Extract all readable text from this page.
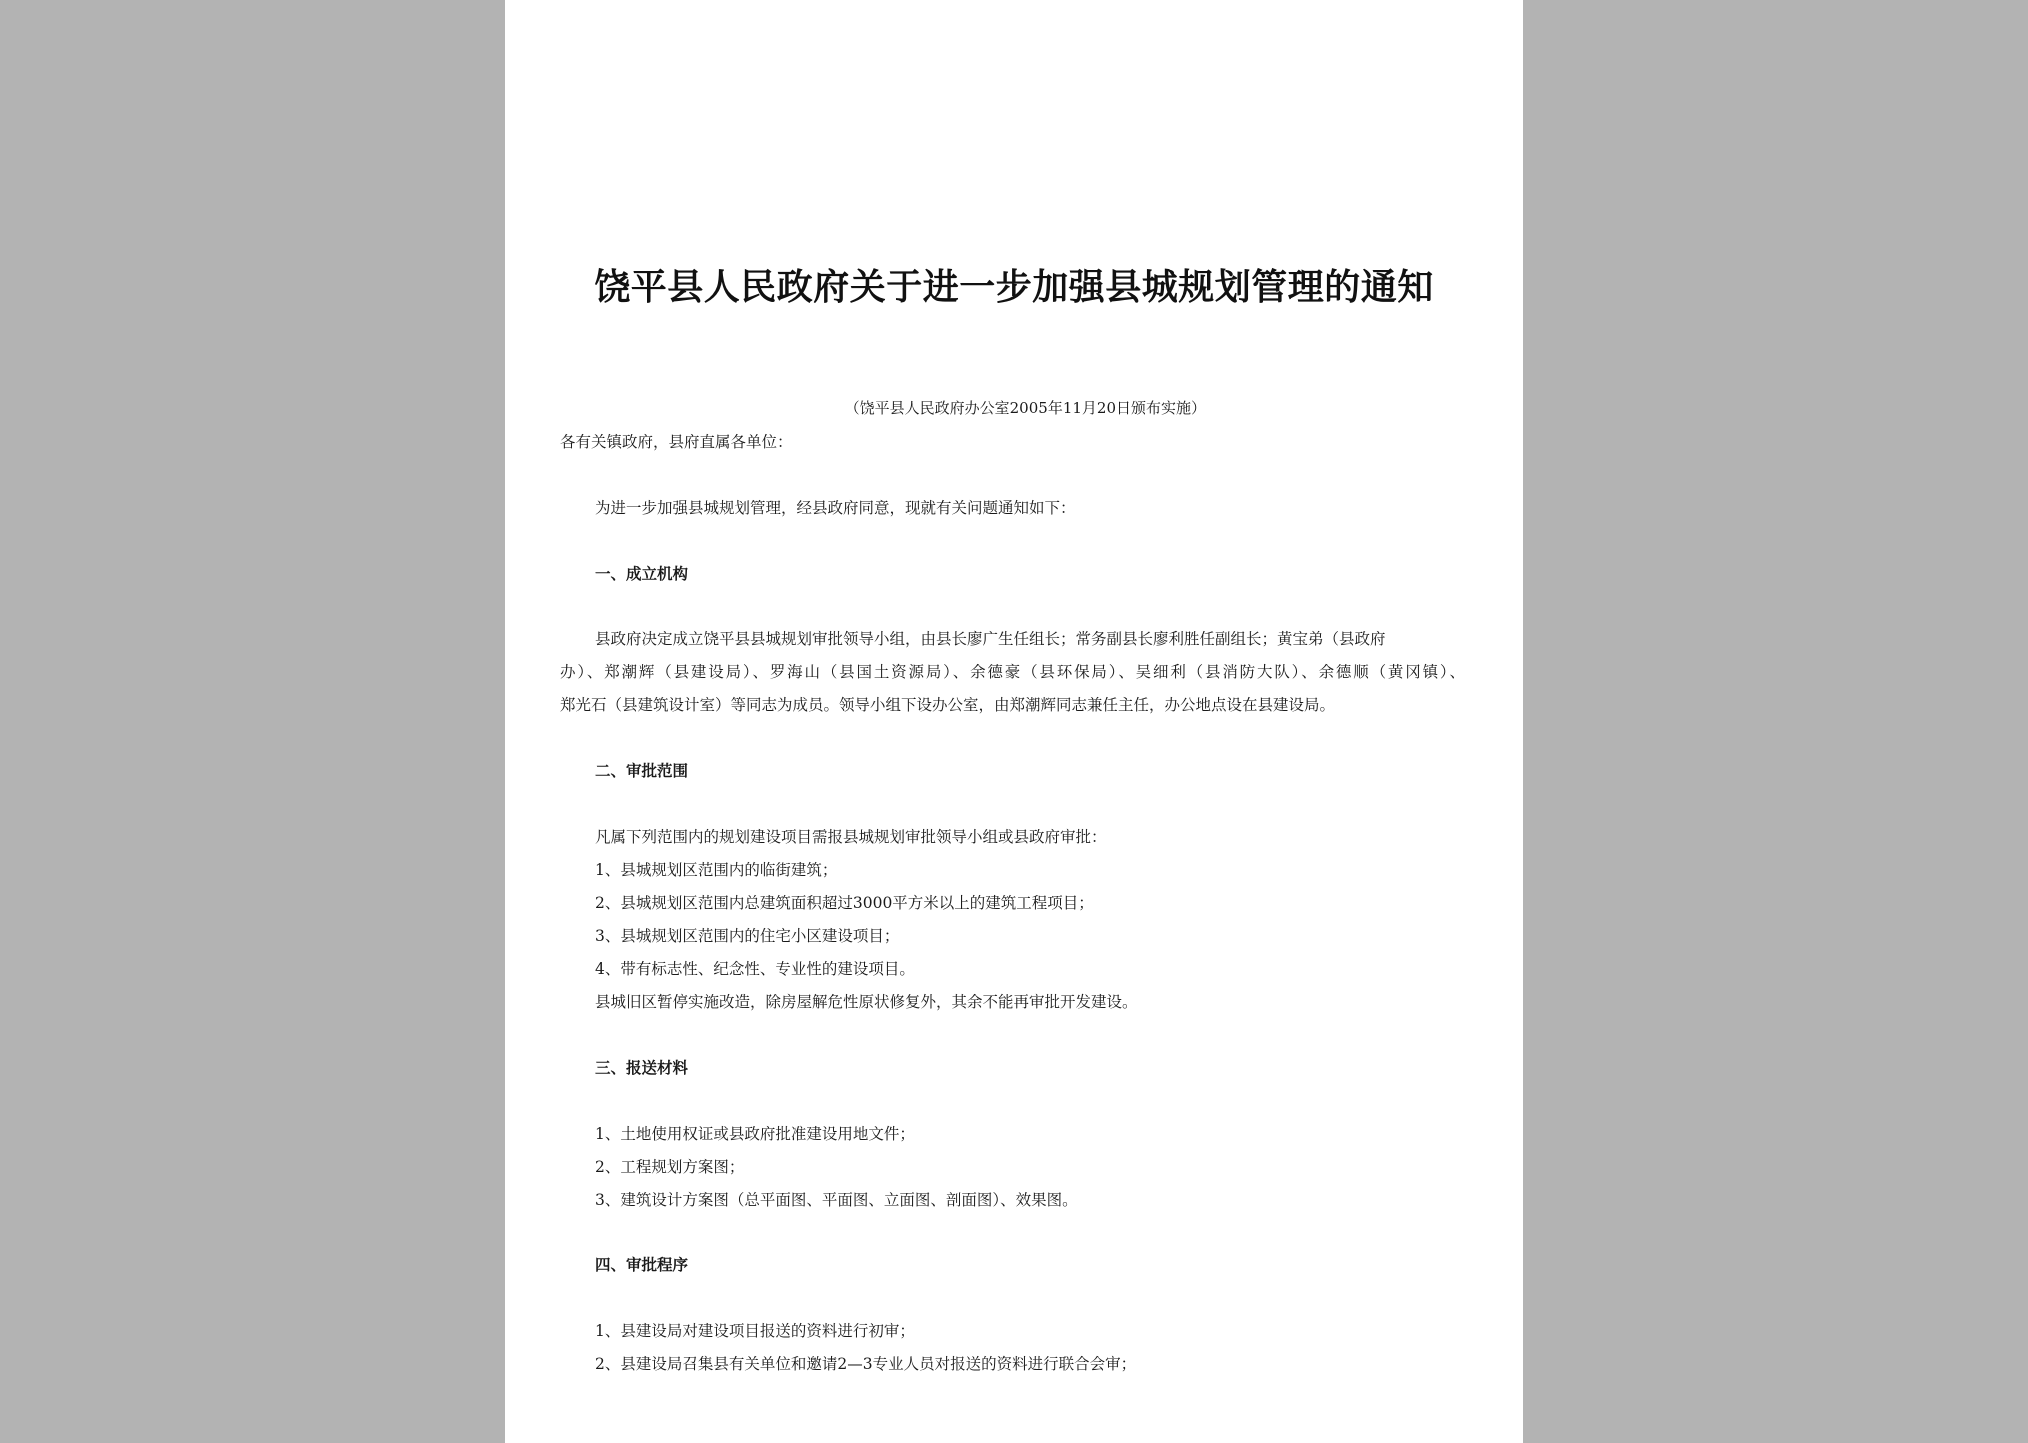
饶平县人民政府关于进一步加强县城规划管理的通知
（饶平县人民政府办公室2005年11月20日颁布实施）
各有关镇政府，县府直属各单位：
为进一步加强县城规划管理，经县政府同意，现就有关问题通知如下：
一、成立机构
县政府决定成立饶平县县城规划审批领导小组，由县长廖广生任组长；常务副县长廖利胜任副组长；黄宝弟（县政府
办）、郑潮辉（县建设局）、罗海山（县国土资源局）、余德豪（县环保局）、吴细利（县消防大队）、余德顺（黄冈镇）、
郑光石（县建筑设计室）等同志为成员。领导小组下设办公室，由郑潮辉同志兼任主任，办公地点设在县建设局。
二、审批范围
凡属下列范围内的规划建设项目需报县城规划审批领导小组或县政府审批：
1、县城规划区范围内的临街建筑；
2、县城规划区范围内总建筑面积超过3000平方米以上的建筑工程项目；
3、县城规划区范围内的住宅小区建设项目；
4、带有标志性、纪念性、专业性的建设项目。
县城旧区暂停实施改造，除房屋解危性原状修复外，其余不能再审批开发建设。
三、报送材料
1、土地使用权证或县政府批准建设用地文件；
2、工程规划方案图；
3、建筑设计方案图（总平面图、平面图、立面图、剖面图）、效果图。
四、审批程序
1、县建设局对建设项目报送的资料进行初审；
2、县建设局召集县有关单位和邀请2—3专业人员对报送的资料进行联合会审；
